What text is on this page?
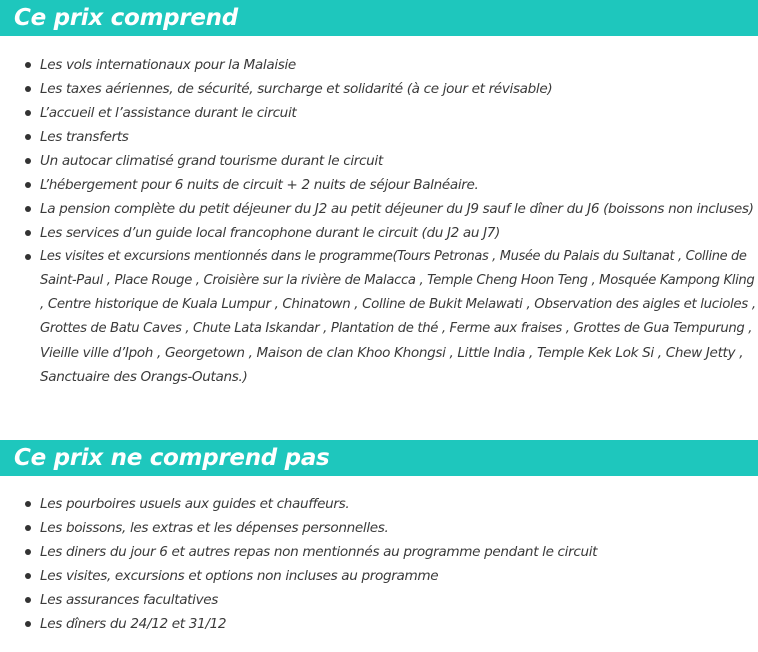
Ce prix comprend
Les vols internationaux pour la Malaisie
Les taxes aériennes, de sécurité, surcharge et solidarité (à ce jour et révisable)
L’accueil et l’assistance durant le circuit
Les transferts
Un autocar climatisé grand tourisme durant le circuit
L’hébergement pour 6 nuits de circuit + 2 nuits de séjour Balnéaire.
La pension complète du petit déjeuner du J2 au petit déjeuner du J9 sauf le dîner du J6 (boissons non incluses)
Les services d’un guide local francophone durant le circuit (du J2 au J7)
Les visites et excursions mentionnés dans le programme(Tours Petronas , Musée du Palais du Sultanat , Colline de
Saint-Paul , Place Rouge , Croisière sur la rivière de Malacca , Temple Cheng Hoon Teng , Mosquée Kampong Kling
, Centre historique de Kuala Lumpur , Chinatown , Colline de Bukit Melawati , Observation des aigles et lucioles ,
Grottes de Batu Caves , Chute Lata Iskandar , Plantation de thé , Ferme aux fraises , Grottes de Gua Tempurung ,
Vieille ville d’Ipoh , Georgetown , Maison de clan Khoo Khongsi , Little India , Temple Kek Lok Si , Chew Jetty ,
Sanctuaire des Orangs-Outans.)
Ce prix ne comprend pas
Les pourboires usuels aux guides et chauffeurs.
Les boissons, les extras et les dépenses personnelles.
Les diners du jour 6 et autres repas non mentionnés au programme pendant le circuit
Les visites, excursions et options non incluses au programme
Les assurances facultatives
Les dîners du 24/12 et 31/12
